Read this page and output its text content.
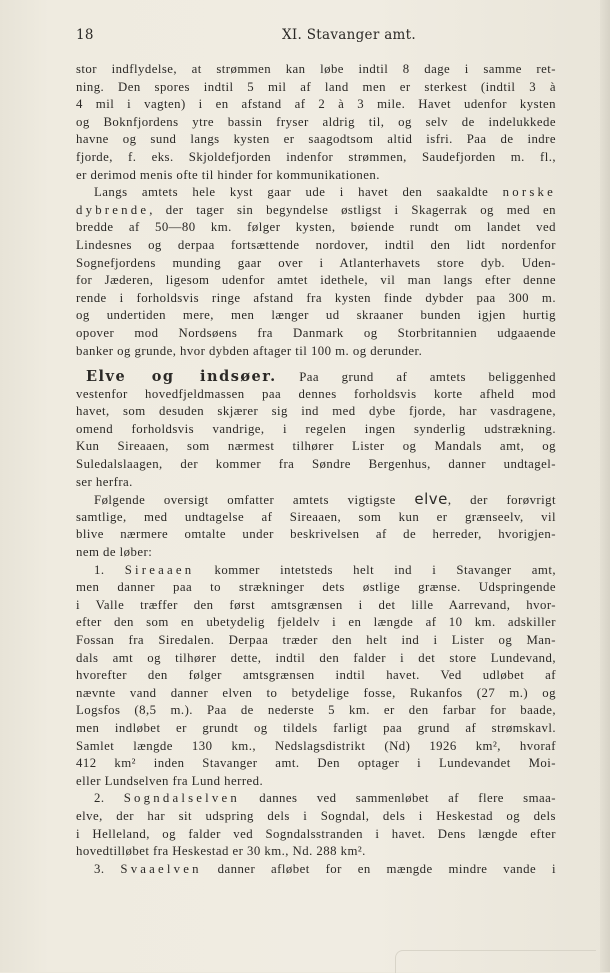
18	XI. Stavanger amt.
stor indflydelse, at strømmen kan løbe indtil 8 dage i samme ret-
ning. Den spores indtil 5 mil af land men er sterkest (indtil 3 à
4 mil i vagten) i en afstand af 2 à 3 mile. Havet udenfor kysten
og Boknfjordens ytre bassin fryser aldrig til, og selv de indelukkede
havne og sund langs kysten er saagodtsom altid isfri. Paa de indre
fjorde, f. eks. Skjoldefjorden indenfor strømmen, Saudefjorden m. fl.,
er derimod menis ofte til hinder for kommunikationen.
Langs amtets hele kyst gaar ude i havet den saakaldte norske
dybrende, der tager sin begyndelse østligst i Skagerrak og med en
bredde af 50—80 km. følger kysten, bøiende rundt om landet ved
Lindesnes og derpaa fortsættende nordover, indtil den lidt nordenfor
Sognefjordens munding gaar over i Atlanterhavets store dyb. Uden-
for Jæderen, ligesom udenfor amtet idethele, vil man langs efter denne
rende i forholdsvis ringe afstand fra kysten finde dybder paa 300 m.
og undertiden mere, men længer ud skraaner bunden igjen hurtig
opover mod Nordsøens fra Danmark og Storbritannien udgaaende
banker og grunde, hvor dybden aftager til 100 m. og derunder.
Elve og indsøer. Paa grund af amtets beliggenhed
vestenfor hovedfjeldmassen paa dennes forholdsvis korte afheld mod
havet, som desuden skjærer sig ind med dybe fjorde, har vasdragene,
omend forholdsvis vandrige, i regelen ingen synderlig udstrækning.
Kun Sireaaen, som nærmest tilhører Lister og Mandals amt, og
Suledalslaagen, der kommer fra Søndre Bergenhus, danner undtagel-
ser herfra.
Følgende oversigt omfatter amtets vigtigste elve, der forøvrigt
samtlige, med undtagelse af Sireaaen, som kun er grænseelv, vil
blive nærmere omtalte under beskrivelsen af de herreder, hvorigjen-
nem de løber:
1. Sireaaen kommer intetsteds helt ind i Stavanger amt,
men danner paa to strækninger dets østlige grænse. Udspringende
i Valle træffer den først amtsgrænsen i det lille Aarrevand, hvor-
efter den som en ubetydelig fjeldelv i en længde af 10 km. adskiller
Fossan fra Siredalen. Derpaa træder den helt ind i Lister og Man-
dals amt og tilhører dette, indtil den falder i det store Lundevand,
hvorefter den følger amtsgrænsen indtil havet. Ved udløbet af
nævnte vand danner elven to betydelige fosse, Rukanfos (27 m.) og
Logsfos (8,5 m.). Paa de nederste 5 km. er den farbar for baade,
men indløbet er grundt og tildels farligt paa grund af strømskavl.
Samlet længde 130 km., Nedslagsdistrikt (Nd) 1926 km², hvoraf
412 km² inden Stavanger amt. Den optager i Lundevandet Moi-
eller Lundselven fra Lund herred.
2. Sogndalselven dannes ved sammenløbet af flere smaa-
elve, der har sit udspring dels i Sogndal, dels i Heskestad og dels
i Helleland, og falder ved Sogndalsstranden i havet. Dens længde efter
hovedtilløbet fra Heskestad er 30 km., Nd. 288 km².
3. Svaaelven danner afløbet for en mængde mindre vande i
